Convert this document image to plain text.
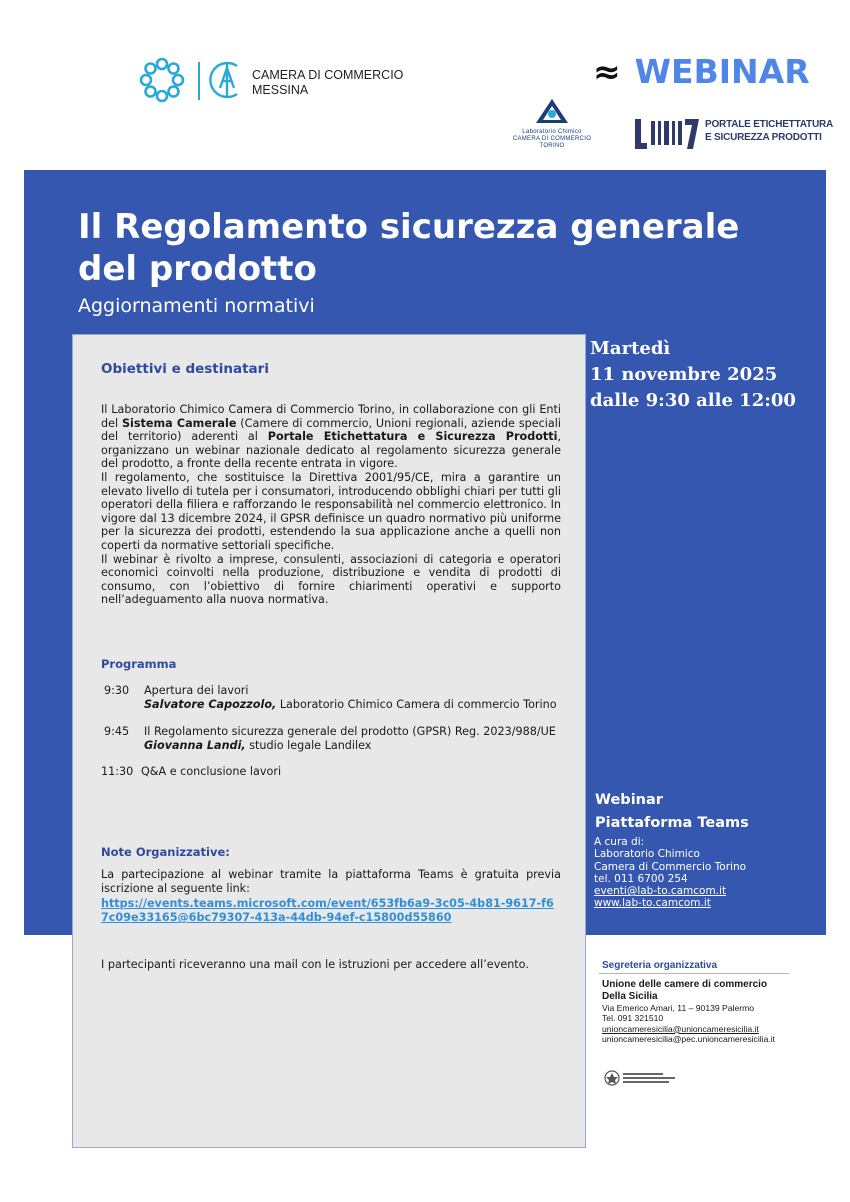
CAMERA DI COMMERCIO
MESSINA	≈ WEBINAR
Laboratorio Chimico
CAMERA DI COMMERCIO TORINO
PORTALE ETICHETTATURA
E SICUREZZA PRODOTTI
Il Regolamento sicurezza generale
del prodotto
Aggiornamenti normativi
Martedì
11 novembre 2025
dalle 9:30 alle 12:00
Webinar
Piattaforma Teams
A cura di:
Laboratorio Chimico
Camera di Commercio Torino
tel. 011 6700 254
eventi@lab-to.camcom.it
www.lab-to.camcom.it
Obiettivi e destinatari

Il Laboratorio Chimico Camera di Commercio Torino, in collaborazione con gli Enti del Sistema Camerale (Camere di commercio, Unioni regionali, aziende speciali del territorio) aderenti al Portale Etichettatura e Sicurezza Prodotti, organizzano un webinar nazionale dedicato al regolamento sicurezza generale del prodotto, a fronte della recente entrata in vigore.

Il regolamento, che sostituisce la Direttiva 2001/95/CE, mira a garantire un elevato livello di tutela per i consumatori, introducendo obblighi chiari per tutti gli operatori della filiera e rafforzando le responsabilità nel commercio elettronico. In vigore dal 13 dicembre 2024, il GPSR definisce un quadro normativo più uniforme per la sicurezza dei prodotti, estendendo la sua applicazione anche a quelli non coperti da normative settoriali specifiche.

Il webinar è rivolto a imprese, consulenti, associazioni di categoria e operatori economici coinvolti nella produzione, distribuzione e vendita di prodotti di consumo, con l’obiettivo di fornire chiarimenti operativi e supporto nell’adeguamento alla nuova normativa.

Programma
9:30 Apertura dei lavori
Salvatore Capozzolo, Laboratorio Chimico Camera di commercio Torino
9:45 Il Regolamento sicurezza generale del prodotto (GPSR) Reg. 2023/988/UE
Giovanna Landi, studio legale Landilex
11:30 Q&A e conclusione lavori
Note Organizzative:
La partecipazione al webinar tramite la piattaforma Teams è gratuita previa iscrizione al seguente link:
https://events.teams.microsoft.com/event/653fb6a9-3c05-4b81-9617-f67c09e33165@6bc79307-413a-44db-94ef-c15800d55860
I partecipanti riceveranno una mail con le istruzioni per accedere all’evento.	Segreteria organizzativa
Unione delle camere di commercio
Della Sicilia
Via Emerico Amari, 11 – 90139 Palermo
Tel. 091 321510
unioncameresicilia@unioncameresicilia.it
unioncameresicilia@pec.unioncameresicilia.it
